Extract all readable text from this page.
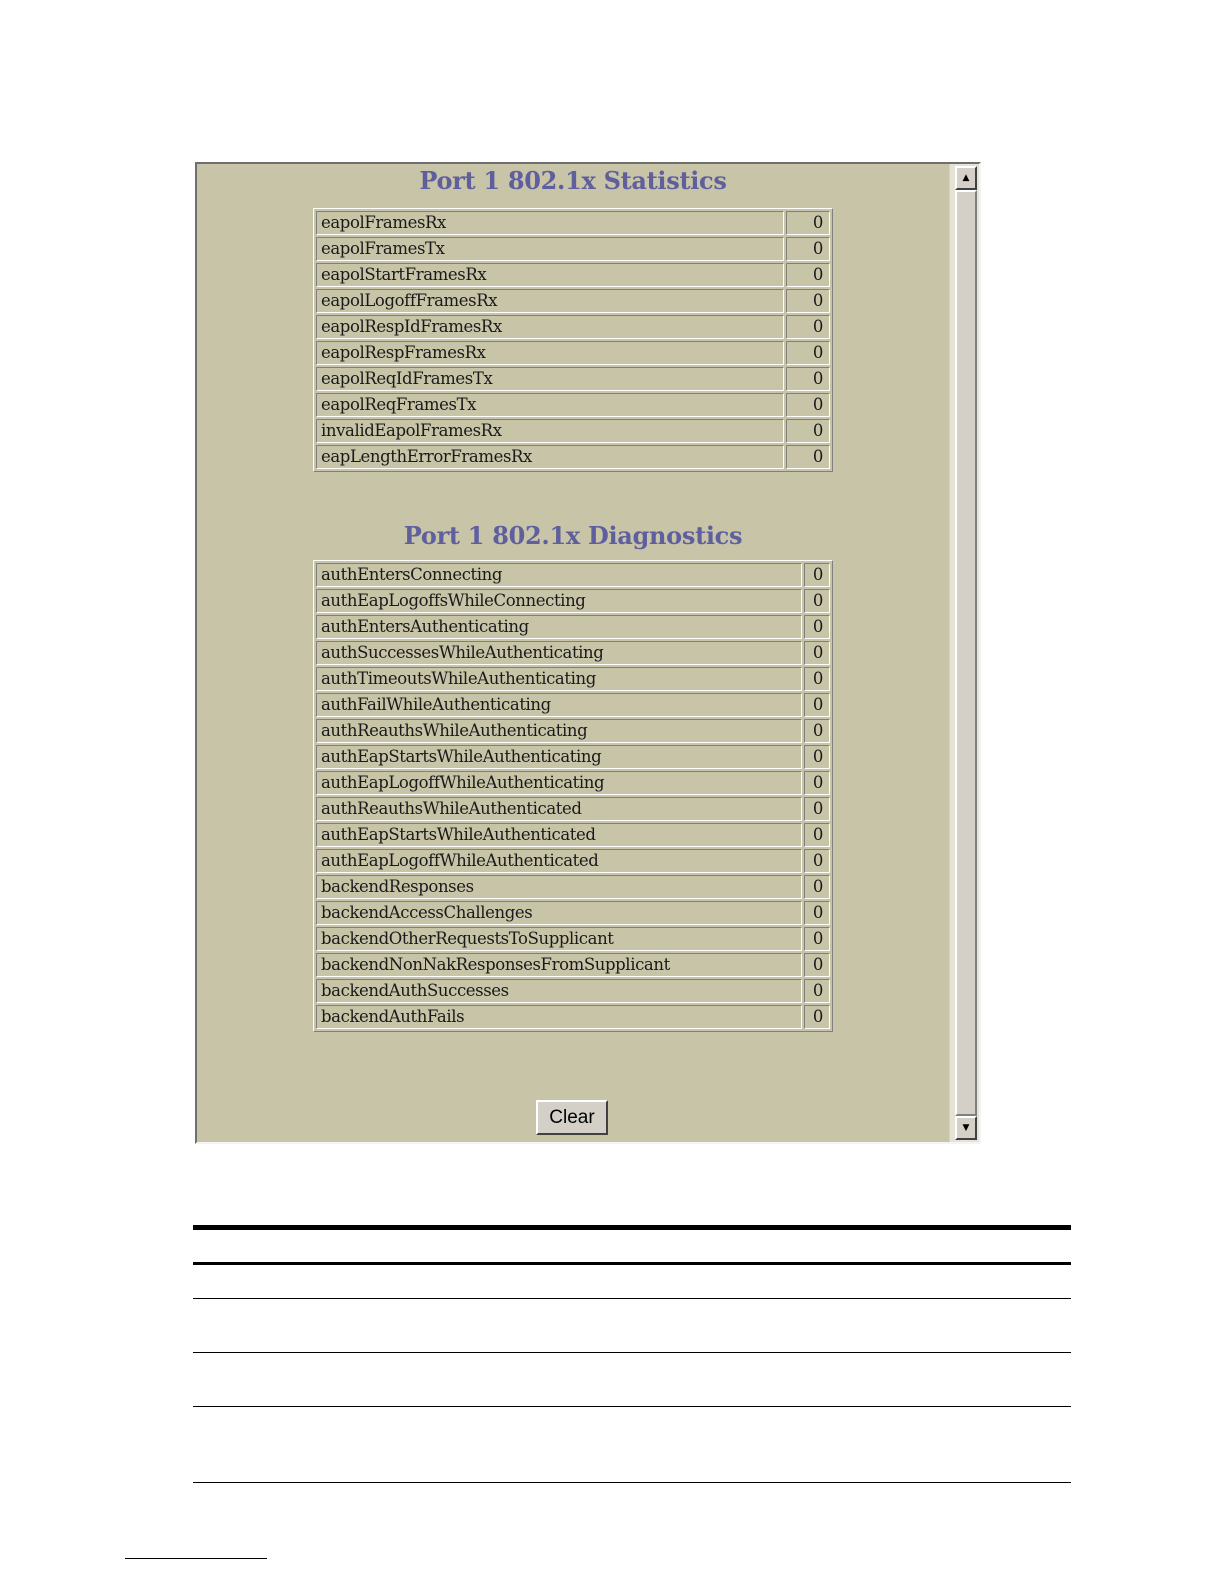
Port 1 802.1x Statistics
eapolFramesRx	0
eapolFramesTx	0
eapolStartFramesRx	0
eapolLogoffFramesRx	0
eapolRespIdFramesRx	0
eapolRespFramesRx	0
eapolReqIdFramesTx	0
eapolReqFramesTx	0
invalidEapolFramesRx	0
eapLengthErrorFramesRx	0
Port 1 802.1x Diagnostics
authEntersConnecting	0
authEapLogoffsWhileConnecting	0
authEntersAuthenticating	0
authSuccessesWhileAuthenticating	0
authTimeoutsWhileAuthenticating	0
authFailWhileAuthenticating	0
authReauthsWhileAuthenticating	0
authEapStartsWhileAuthenticating	0
authEapLogoffWhileAuthenticating	0
authReauthsWhileAuthenticated	0
authEapStartsWhileAuthenticated	0
authEapLogoffWhileAuthenticated	0
backendResponses	0
backendAccessChallenges	0
backendOtherRequestsToSupplicant	0
backendNonNakResponsesFromSupplicant	0
backendAuthSuccesses	0
backendAuthFails	0
Clear
▲
▼
